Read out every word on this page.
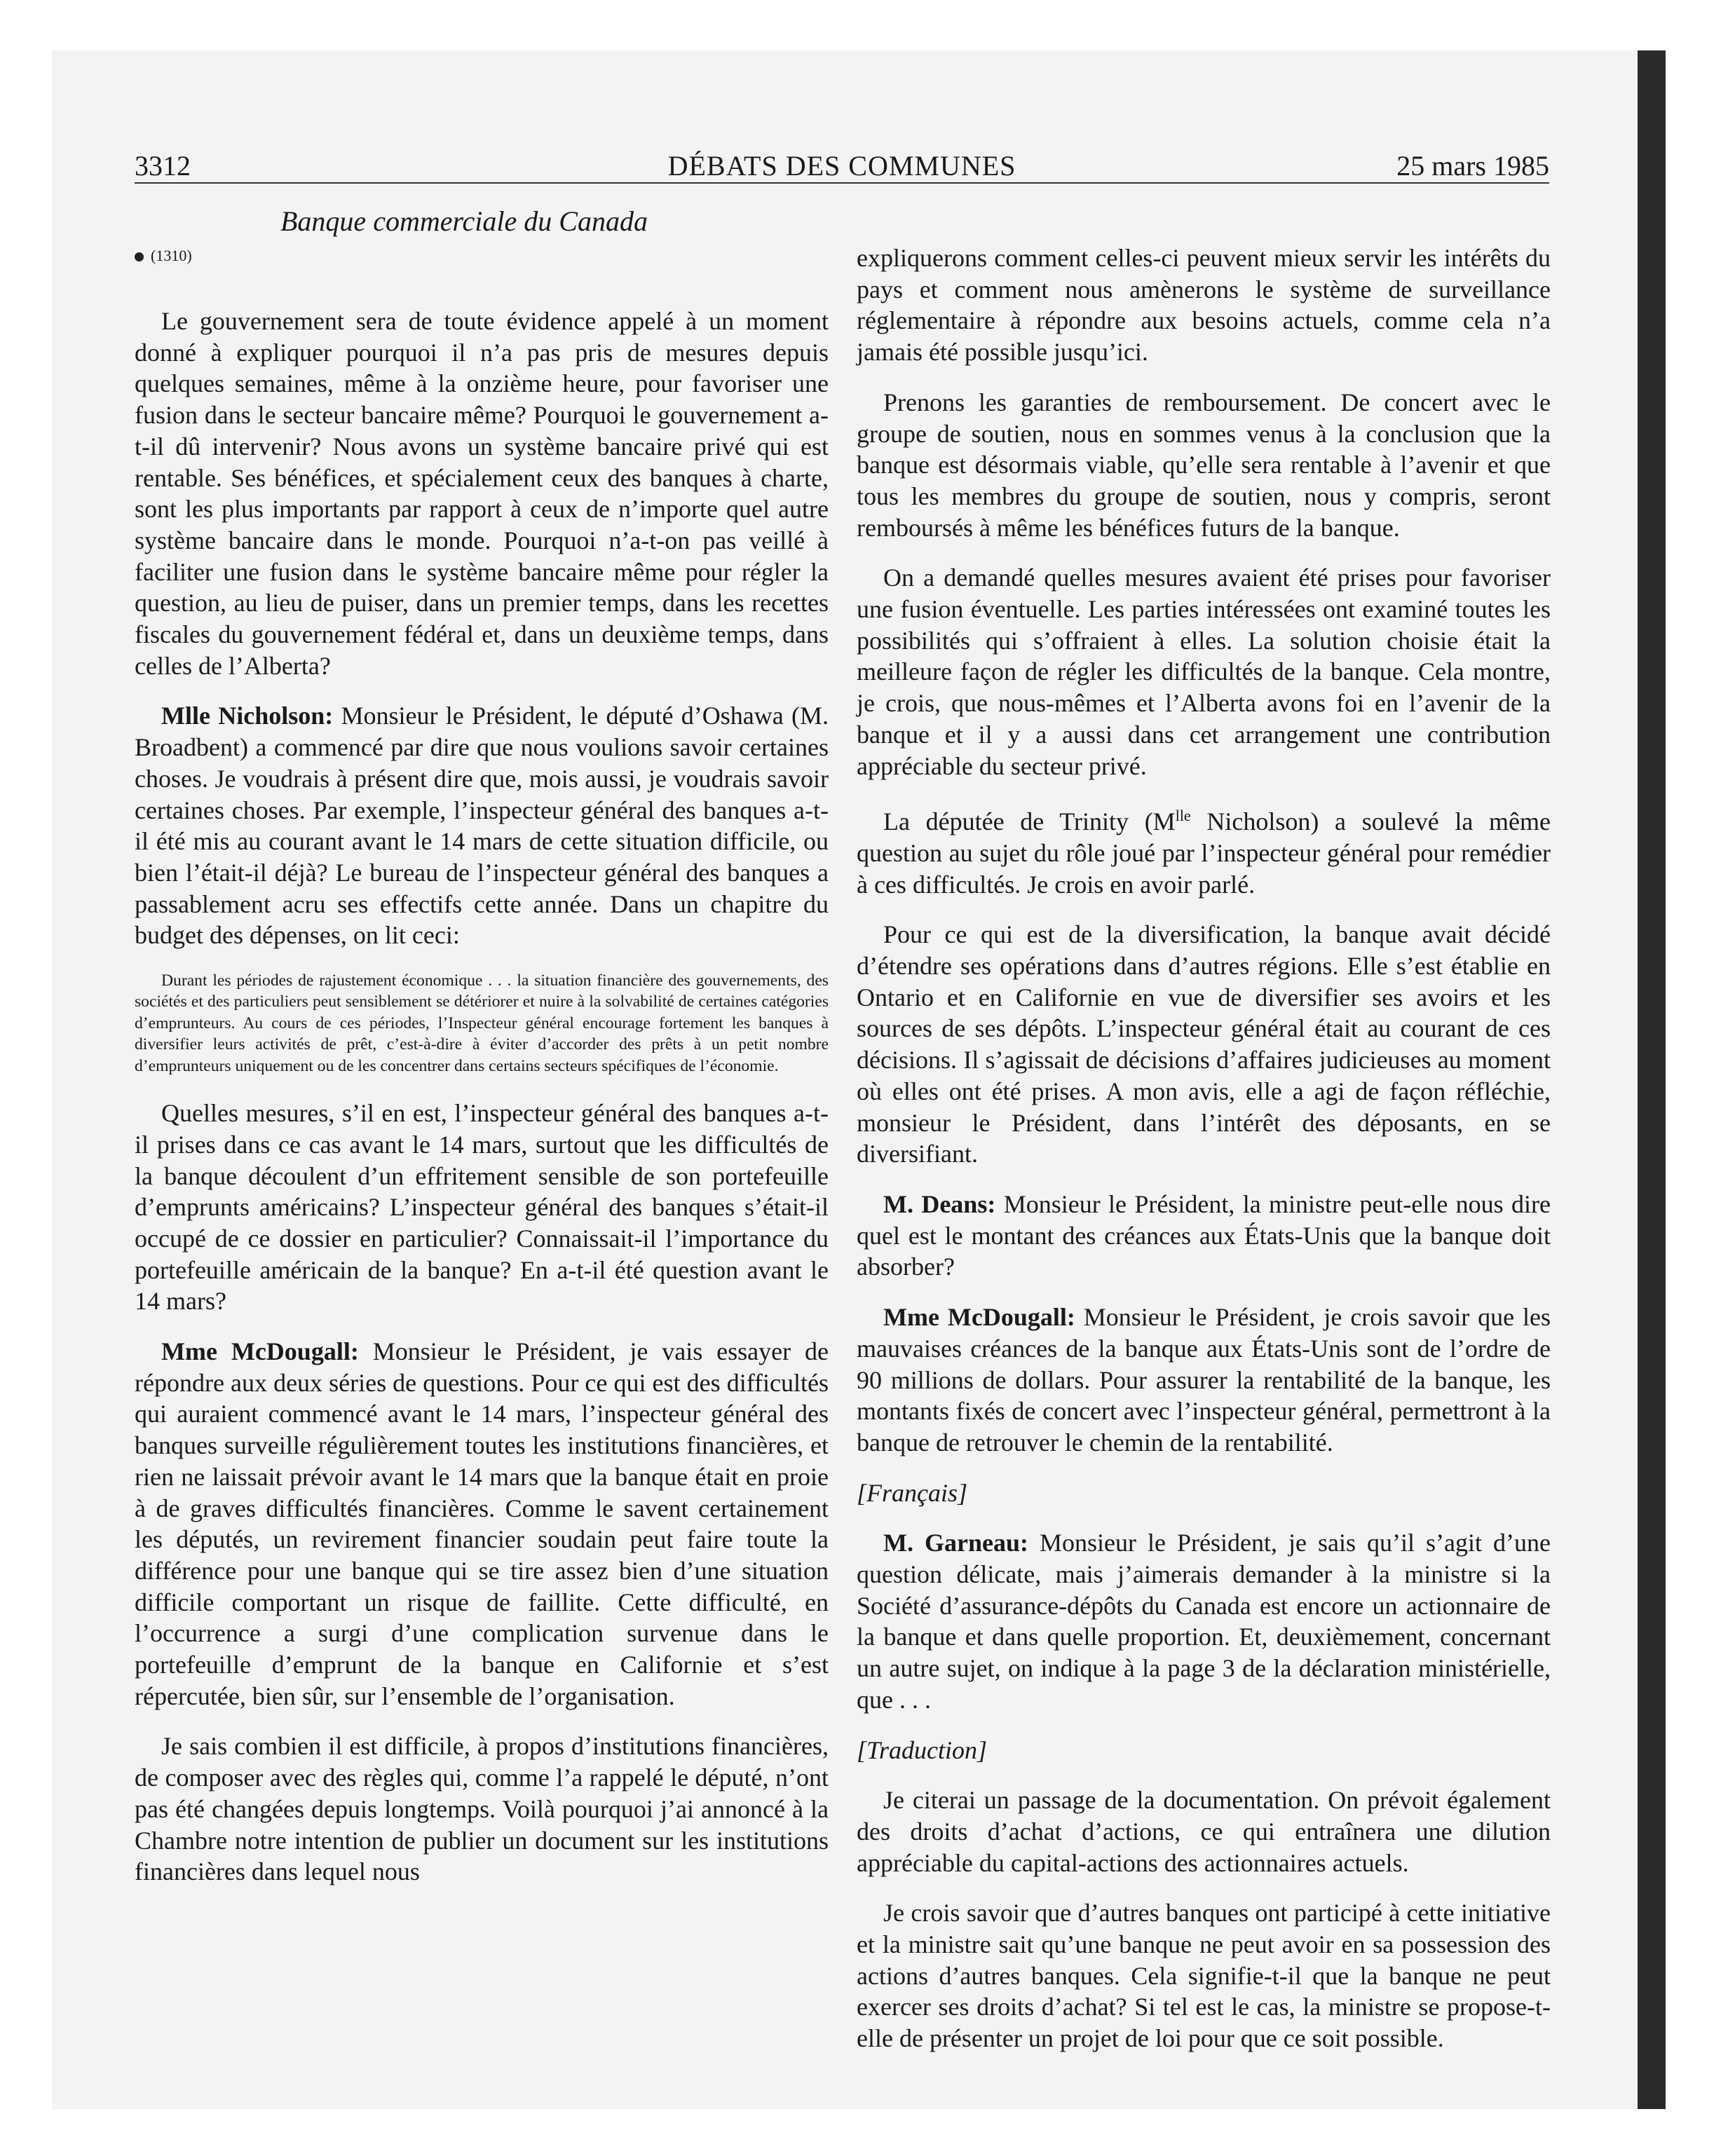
DÉBATS DES COMMUNES
3312	25 mars 1985
Banque commerciale du Canada
(1310)

Le gouvernement sera de toute évidence appelé à un moment donné à expliquer pourquoi il n’a pas pris de mesures depuis quelques semaines, même à la onzième heure, pour favoriser une fusion dans le secteur bancaire même? Pourquoi le gouvernement a-t-il dû intervenir? Nous avons un système bancaire privé qui est rentable. Ses bénéfices, et spécialement ceux des banques à charte, sont les plus importants par rapport à ceux de n’importe quel autre système bancaire dans le monde. Pourquoi n’a-t-on pas veillé à faciliter une fusion dans le système bancaire même pour régler la question, au lieu de puiser, dans un premier temps, dans les recettes fiscales du gouvernement fédéral et, dans un deuxième temps, dans celles de l’Alberta?

Mlle Nicholson: Monsieur le Président, le député d’Oshawa (M. Broadbent) a commencé par dire que nous voulions savoir certaines choses. Je voudrais à présent dire que, mois aussi, je voudrais savoir certaines choses. Par exemple, l’inspecteur général des banques a-t-il été mis au courant avant le 14 mars de cette situation difficile, ou bien l’était-il déjà? Le bureau de l’inspecteur général des banques a passablement acru ses effectifs cette année. Dans un chapitre du budget des dépenses, on lit ceci:

Durant les périodes de rajustement économique . . . la situation financière des gouvernements, des sociétés et des particuliers peut sensiblement se détériorer et nuire à la solvabilité de certaines catégories d’emprunteurs. Au cours de ces périodes, l’Inspecteur général encourage fortement les banques à diversifier leurs activités de prêt, c’est-à-dire à éviter d’accorder des prêts à un petit nombre d’emprunteurs uniquement ou de les concentrer dans certains secteurs spécifiques de l’économie.

Quelles mesures, s’il en est, l’inspecteur général des banques a-t-il prises dans ce cas avant le 14 mars, surtout que les difficultés de la banque découlent d’un effritement sensible de son portefeuille d’emprunts américains? L’inspecteur général des banques s’était-il occupé de ce dossier en particulier? Connaissait-il l’importance du portefeuille américain de la banque? En a-t-il été question avant le 14 mars?

Mme McDougall: Monsieur le Président, je vais essayer de répondre aux deux séries de questions. Pour ce qui est des difficultés qui auraient commencé avant le 14 mars, l’inspecteur général des banques surveille régulièrement toutes les institutions financières, et rien ne laissait prévoir avant le 14 mars que la banque était en proie à de graves difficultés financières. Comme le savent certainement les députés, un revirement financier soudain peut faire toute la différence pour une banque qui se tire assez bien d’une situation difficile comportant un risque de faillite. Cette difficulté, en l’occurrence a surgi d’une complication survenue dans le portefeuille d’emprunt de la banque en Californie et s’est répercutée, bien sûr, sur l’ensemble de l’organisation.

Je sais combien il est difficile, à propos d’institutions financières, de composer avec des règles qui, comme l’a rappelé le député, n’ont pas été changées depuis longtemps. Voilà pourquoi j’ai annoncé à la Chambre notre intention de publier un document sur les institutions financières dans lequel nous

expliquerons comment celles-ci peuvent mieux servir les intérêts du pays et comment nous amènerons le système de surveillance réglementaire à répondre aux besoins actuels, comme cela n’a jamais été possible jusqu’ici.

Prenons les garanties de remboursement. De concert avec le groupe de soutien, nous en sommes venus à la conclusion que la banque est désormais viable, qu’elle sera rentable à l’avenir et que tous les membres du groupe de soutien, nous y compris, seront remboursés à même les bénéfices futurs de la banque.

On a demandé quelles mesures avaient été prises pour favoriser une fusion éventuelle. Les parties intéressées ont examiné toutes les possibilités qui s’offraient à elles. La solution choisie était la meilleure façon de régler les difficultés de la banque. Cela montre, je crois, que nous-mêmes et l’Alberta avons foi en l’avenir de la banque et il y a aussi dans cet arrangement une contribution appréciable du secteur privé.

La députée de Trinity ($M^{lle}$ Nicholson) a soulevé la même question au sujet du rôle joué par l’inspecteur général pour remédier à ces difficultés. Je crois en avoir parlé.

Pour ce qui est de la diversification, la banque avait décidé d’étendre ses opérations dans d’autres régions. Elle s’est établie en Ontario et en Californie en vue de diversifier ses avoirs et les sources de ses dépôts. L’inspecteur général était au courant de ces décisions. Il s’agissait de décisions d’affaires judicieuses au moment où elles ont été prises. A mon avis, elle a agi de façon réfléchie, monsieur le Président, dans l’intérêt des déposants, en se diversifiant.

M. Deans: Monsieur le Président, la ministre peut-elle nous dire quel est le montant des créances aux États-Unis que la banque doit absorber?

Mme McDougall: Monsieur le Président, je crois savoir que les mauvaises créances de la banque aux États-Unis sont de l’ordre de 90 millions de dollars. Pour assurer la rentabilité de la banque, les montants fixés de concert avec l’inspecteur général, permettront à la banque de retrouver le chemin de la rentabilité.

[Français]

M. Garneau: Monsieur le Président, je sais qu’il s’agit d’une question délicate, mais j’aimerais demander à la ministre si la Société d’assurance-dépôts du Canada est encore un actionnaire de la banque et dans quelle proportion. Et, deuxièmement, concernant un autre sujet, on indique à la page 3 de la déclaration ministérielle, que . . .

[Traduction]

Je citerai un passage de la documentation. On prévoit également des droits d’achat d’actions, ce qui entraînera une dilution appréciable du capital-actions des actionnaires actuels.

Je crois savoir que d’autres banques ont participé à cette initiative et la ministre sait qu’une banque ne peut avoir en sa possession des actions d’autres banques. Cela signifie-t-il que la banque ne peut exercer ses droits d’achat? Si tel est le cas, la ministre se propose-t-elle de présenter un projet de loi pour que ce soit possible.
